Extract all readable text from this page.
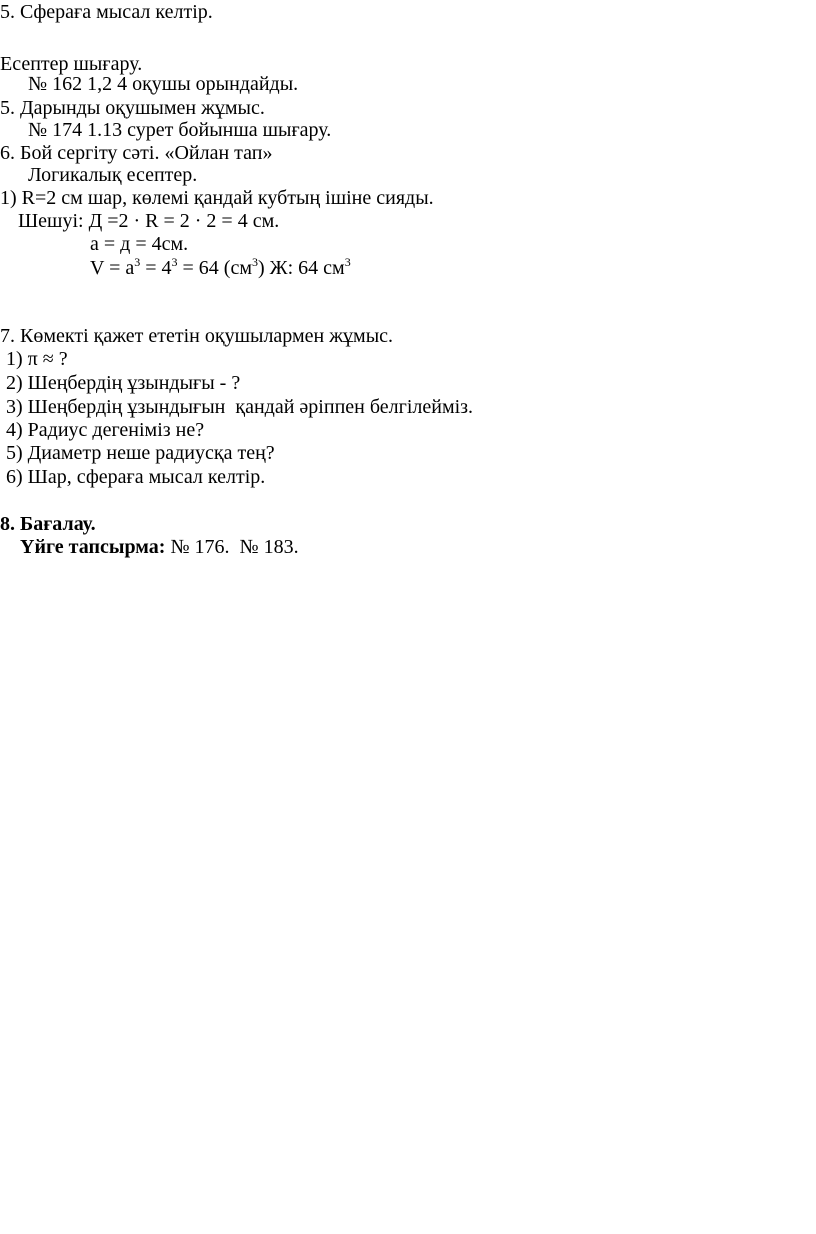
5. Сфераға мысал келтір.
Есептер шығару.
№ 162 1,2 4 оқушы орындайды.
5. Дарынды оқушымен жұмыс.
№ 174 1.13 сурет бойынша шығару.
6. Бой сергіту сәті. «Ойлан тап»
Логикалық есептер.
1) R=2 см шар, көлемі қандай кубтың ішіне сияды.
Шешуі: Д =2 · R = 2 · 2 = 4 см.
а = д = 4см.
$V = а^3 = 4^3 = 64$ $(см^3)$ Ж: 64 $см^3$
7. Көмекті қажет ететін оқушылармен жұмыс.
1) π ≈ ?
2) Шеңбердің ұзындығы - ?
3) Шеңбердің ұзындығын  қандай әріппен белгілейміз.
4) Радиус дегеніміз не?
5) Диаметр неше радиусқа тең?
6) Шар, сфераға мысал келтір.
8. Бағалау.
Үйге тапсырма: № 176.  № 183.
